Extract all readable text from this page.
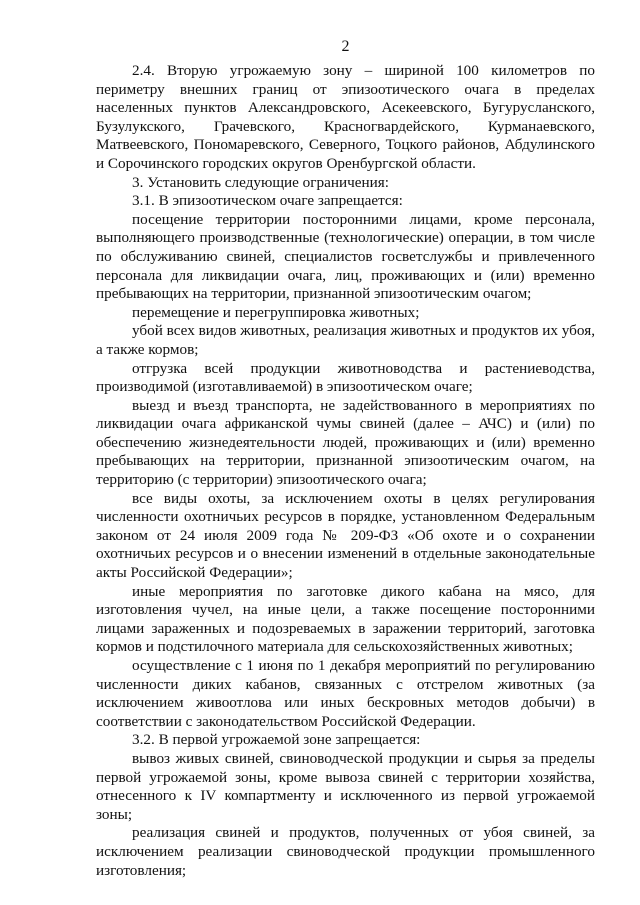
2

2.4. Вторую угрожаемую зону – шириной 100 километров по периметру внешних границ от эпизоотического очага в пределах населенных пунктов Александровского, Асекеевского, Бугурусланского, Бузулукского, Грачевского, Красногвардейского, Курманаевского, Матвеевского, Пономаревского, Северного, Тоцкого районов, Абдулинского и Сорочинского городских округов Оренбургской области.

3. Установить следующие ограничения:

3.1. В эпизоотическом очаге запрещается:

посещение территории посторонними лицами, кроме персонала, выполняющего производственные (технологические) операции, в том числе по обслуживанию свиней, специалистов госветслужбы и привлеченного персонала для ликвидации очага, лиц, проживающих и (или) временно пребывающих на территории, признанной эпизоотическим очагом;

перемещение и перегруппировка животных;

убой всех видов животных, реализация животных и продуктов их убоя, а также кормов;

отгрузка всей продукции животноводства и растениеводства, производимой (изготавливаемой) в эпизоотическом очаге;

выезд и въезд транспорта, не задействованного в мероприятиях по ликвидации очага африканской чумы свиней (далее – АЧС) и (или) по обеспечению жизнедеятельности людей, проживающих и (или) временно пребывающих на территории, признанной эпизоотическим очагом, на территорию (с территории) эпизоотического очага;

все виды охоты, за исключением охоты в целях регулирования численности охотничьих ресурсов в порядке, установленном Федеральным законом от 24 июля 2009 года № 209-ФЗ «Об охоте и о сохранении охотничьих ресурсов и о внесении изменений в отдельные законодательные акты Российской Федерации»;

иные мероприятия по заготовке дикого кабана на мясо, для изготовления чучел, на иные цели, а также посещение посторонними лицами зараженных и подозреваемых в заражении территорий, заготовка кормов и подстилочного материала для сельскохозяйственных животных;

осуществление с 1 июня по 1 декабря мероприятий по регулированию численности диких кабанов, связанных с отстрелом животных (за исключением живоотлова или иных бескровных методов добычи) в соответствии с законодательством Российской Федерации.

3.2. В первой угрожаемой зоне запрещается:

вывоз живых свиней, свиноводческой продукции и сырья за пределы первой угрожаемой зоны, кроме вывоза свиней с территории хозяйства, отнесенного к IV компартменту и исключенного из первой угрожаемой зоны;

реализация свиней и продуктов, полученных от убоя свиней, за исключением реализации свиноводческой продукции промышленного изготовления;
